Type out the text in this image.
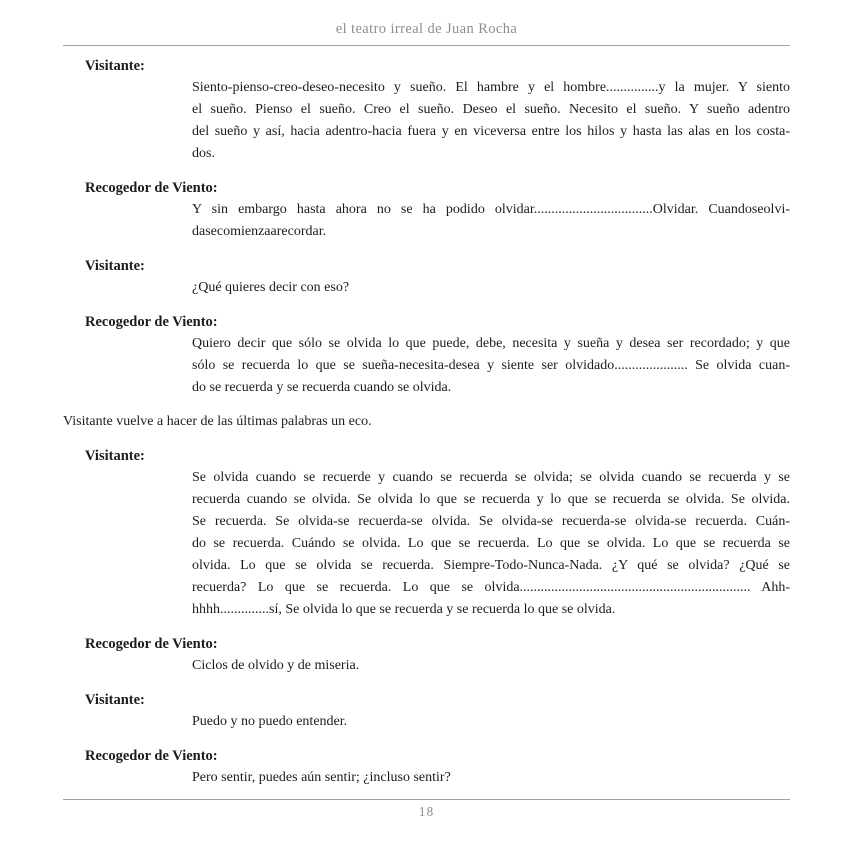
el teatro irreal de Juan Rocha
Visitante:
Siento-pienso-creo-deseo-necesito y sueño. El hambre y el hombre...............y la mujer. Y siento
el sueño. Pienso el sueño. Creo el sueño. Deseo el sueño. Necesito el sueño. Y sueño adentro
del sueño y así, hacia adentro-hacia fuera y en viceversa entre los hilos y hasta las alas en los costa-
dos.
Recogedor de Viento:
Y sin embargo hasta ahora no se ha podido olvidar..................................Olvidar. Cuandoseolvi-
dasecomienzaarecordar.
Visitante:
¿Qué quieres decir con eso?
Recogedor de Viento:
Quiero decir que sólo se olvida lo que puede, debe, necesita y sueña y desea ser recordado; y que
sólo se recuerda lo que se sueña-necesita-desea y siente ser olvidado..................... Se olvida cuan-
do se recuerda y se recuerda cuando se olvida.
Visitante vuelve a hacer de las últimas palabras un eco.
Visitante:
Se olvida cuando se recuerde y cuando se recuerda se olvida; se olvida cuando se recuerda y se
recuerda cuando se olvida. Se olvida lo que se recuerda y lo que se recuerda se olvida. Se olvida.
Se recuerda. Se olvida-se recuerda-se olvida. Se olvida-se recuerda-se olvida-se recuerda. Cuán-
do se recuerda. Cuándo se olvida. Lo que se recuerda. Lo que se olvida. Lo que se recuerda se
olvida. Lo que se olvida se recuerda. Siempre-Todo-Nunca-Nada. ¿Y qué se olvida? ¿Qué se
recuerda? Lo que se recuerda. Lo que se olvida.................................................................. Ahh-
hhhh..............sí, Se olvida lo que se recuerda y se recuerda lo que se olvida.
Recogedor de Viento:
Ciclos de olvido y de miseria.
Visitante:
Puedo y no puedo entender.
Recogedor de Viento:
Pero sentir, puedes aún sentir; ¿incluso sentir?
18
